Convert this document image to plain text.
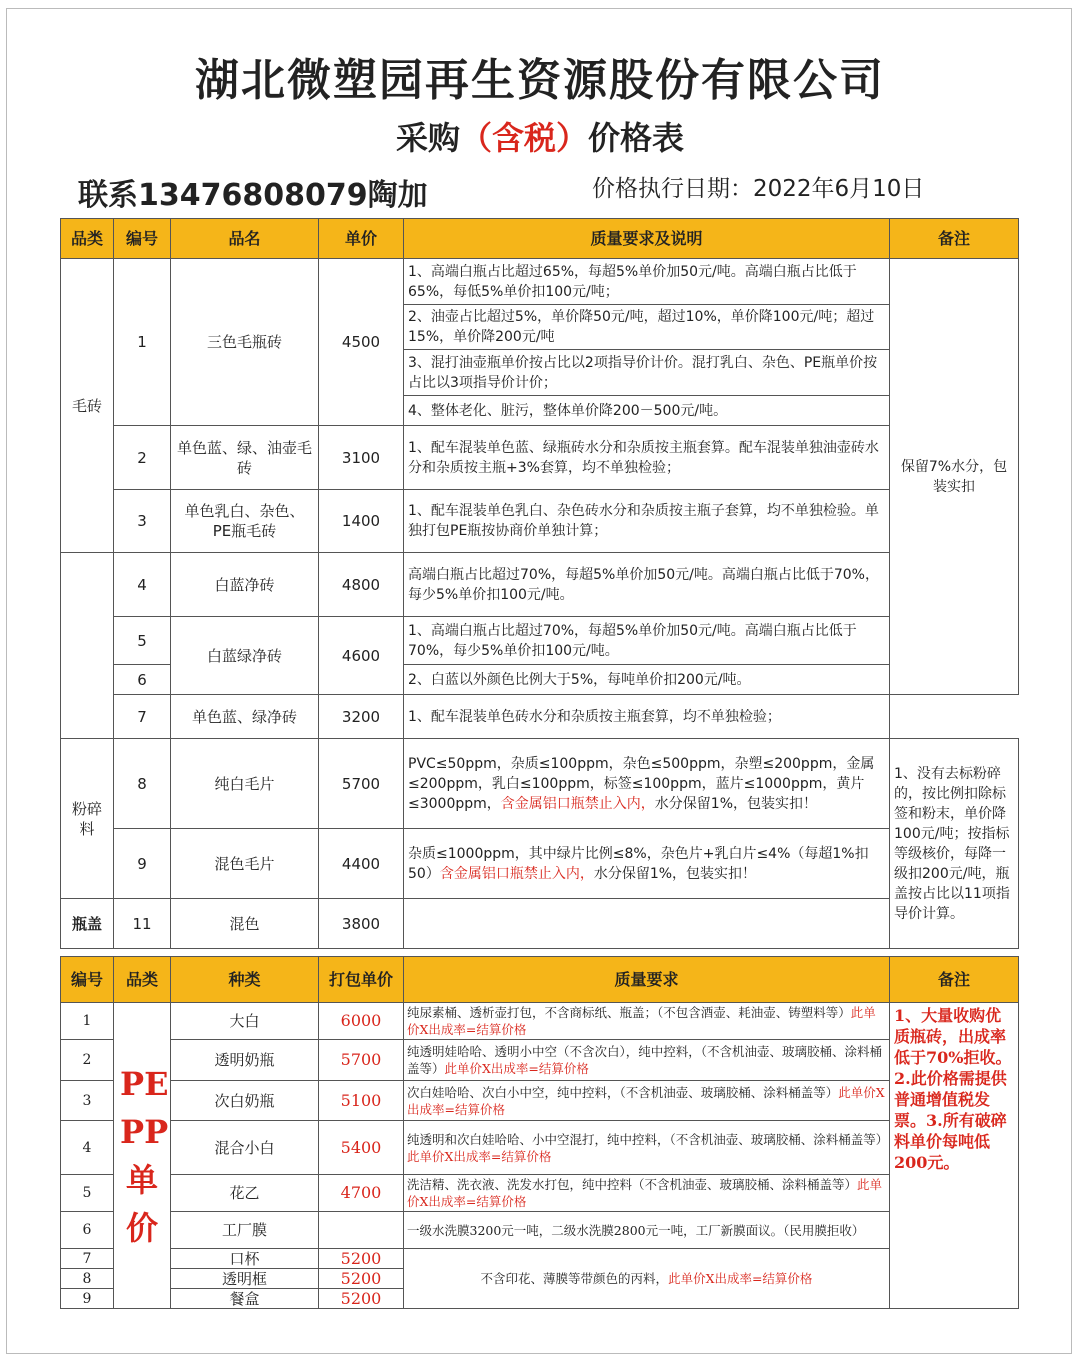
湖北微塑园再生资源股份有限公司
采购（含税）价格表
联系13476808079陶加	价格执行日期：2022年6月10日
品类	编号	品名	单价	质量要求及说明	备注
毛砖	1	三色毛瓶砖	4500	1、高端白瓶占比超过65%，每超5%单价加50元/吨。高端白瓶占比低于65%，每低5%单价扣100元/吨；	保留7%水分，包装实扣
				2、油壶占比超过5%，单价降50元/吨，超过10%，单价降100元/吨；超过15%，单价降200元/吨	
				3、混打油壶瓶单价按占比以2项指导价计价。混打乳白、杂色、PE瓶单价按占比以3项指导价计价；	
				4、整体老化、脏污，整体单价降200－500元/吨。	
	2	单色蓝、绿、油壶毛砖	3100	1、配车混装单色蓝、绿瓶砖水分和杂质按主瓶套算。配车混装单独油壶砖水分和杂质按主瓶+3%套算，均不单独检验；	
	3	单色乳白、杂色、PE瓶毛砖	1400	1、配车混装单色乳白、杂色砖水分和杂质按主瓶子套算，均不单独检验。单独打包PE瓶按协商价单独计算；	
	4	白蓝净砖	4800	高端白瓶占比超过70%，每超5%单价加50元/吨。高端白瓶占比低于70%，每少5%单价扣100元/吨。	
	5	白蓝绿净砖	4600	1、高端白瓶占比超过70%，每超5%单价加50元/吨。高端白瓶占比低于70%，每少5%单价扣100元/吨。	
	6			2、白蓝以外颜色比例大于5%，每吨单价扣200元/吨。	
	7	单色蓝、绿净砖	3200	1、配车混装单色砖水分和杂质按主瓶套算，均不单独检验；	
粉碎料	8	纯白毛片	5700	PVC≤50ppm，杂质≤100ppm，杂色≤500ppm，杂塑≤200ppm，金属≤200ppm，乳白≤100ppm，标签≤100ppm，蓝片≤1000ppm，黄片≤3000ppm，含金属铝口瓶禁止入内，水分保留1%，包装实扣！	1、没有去标粉碎的，按比例扣除标签和粉末，单价降100元/吨；按指标等级核价，每降一级扣200元/吨，瓶盖按占比以11项指导价计算。
	9	混色毛片	4400	杂质≤1000ppm，其中绿片比例≤8%，杂色片+乳白片≤4%（每超1%扣50）含金属铝口瓶禁止入内，水分保留1%，包装实扣！	
瓶盖	11	混色	3800		
编号	品类	种类	打包单价	质量要求	备注
1	PE PP 单价	大白	6000	纯尿素桶、透析壶打包，不含商标纸、瓶盖；（不包含酒壶、耗油壶、铸塑料等）此单价X出成率=结算价格	1、大量收购优质瓶砖，出成率低于70%拒收。2.此价格需提供普通增值税发票。3.所有破碎料单价每吨低200元。
2		透明奶瓶	5700	纯透明娃哈哈、透明小中空（不含次白），纯中控料，（不含机油壶、玻璃胶桶、涂料桶盖等）此单价X出成率=结算价格	
3		次白奶瓶	5100	次白娃哈哈、次白小中空，纯中控料，（不含机油壶、玻璃胶桶、涂料桶盖等）此单价X出成率=结算价格	
4		混合小白	5400	纯透明和次白娃哈哈、小中空混打，纯中控料，（不含机油壶、玻璃胶桶、涂料桶盖等）此单价X出成率=结算价格	
5		花乙	4700	洗洁精、洗衣液、洗发水打包，纯中控料（不含机油壶、玻璃胶桶、涂料桶盖等）此单价X出成率=结算价格	
6		工厂膜		一级水洗膜3200元一吨，二级水洗膜2800元一吨，工厂新膜面议。（民用膜拒收）	
7		口杯	5200	不含印花、薄膜等带颜色的丙料，此单价X出成率=结算价格	
8		透明框	5200		
9		餐盒	5200		
